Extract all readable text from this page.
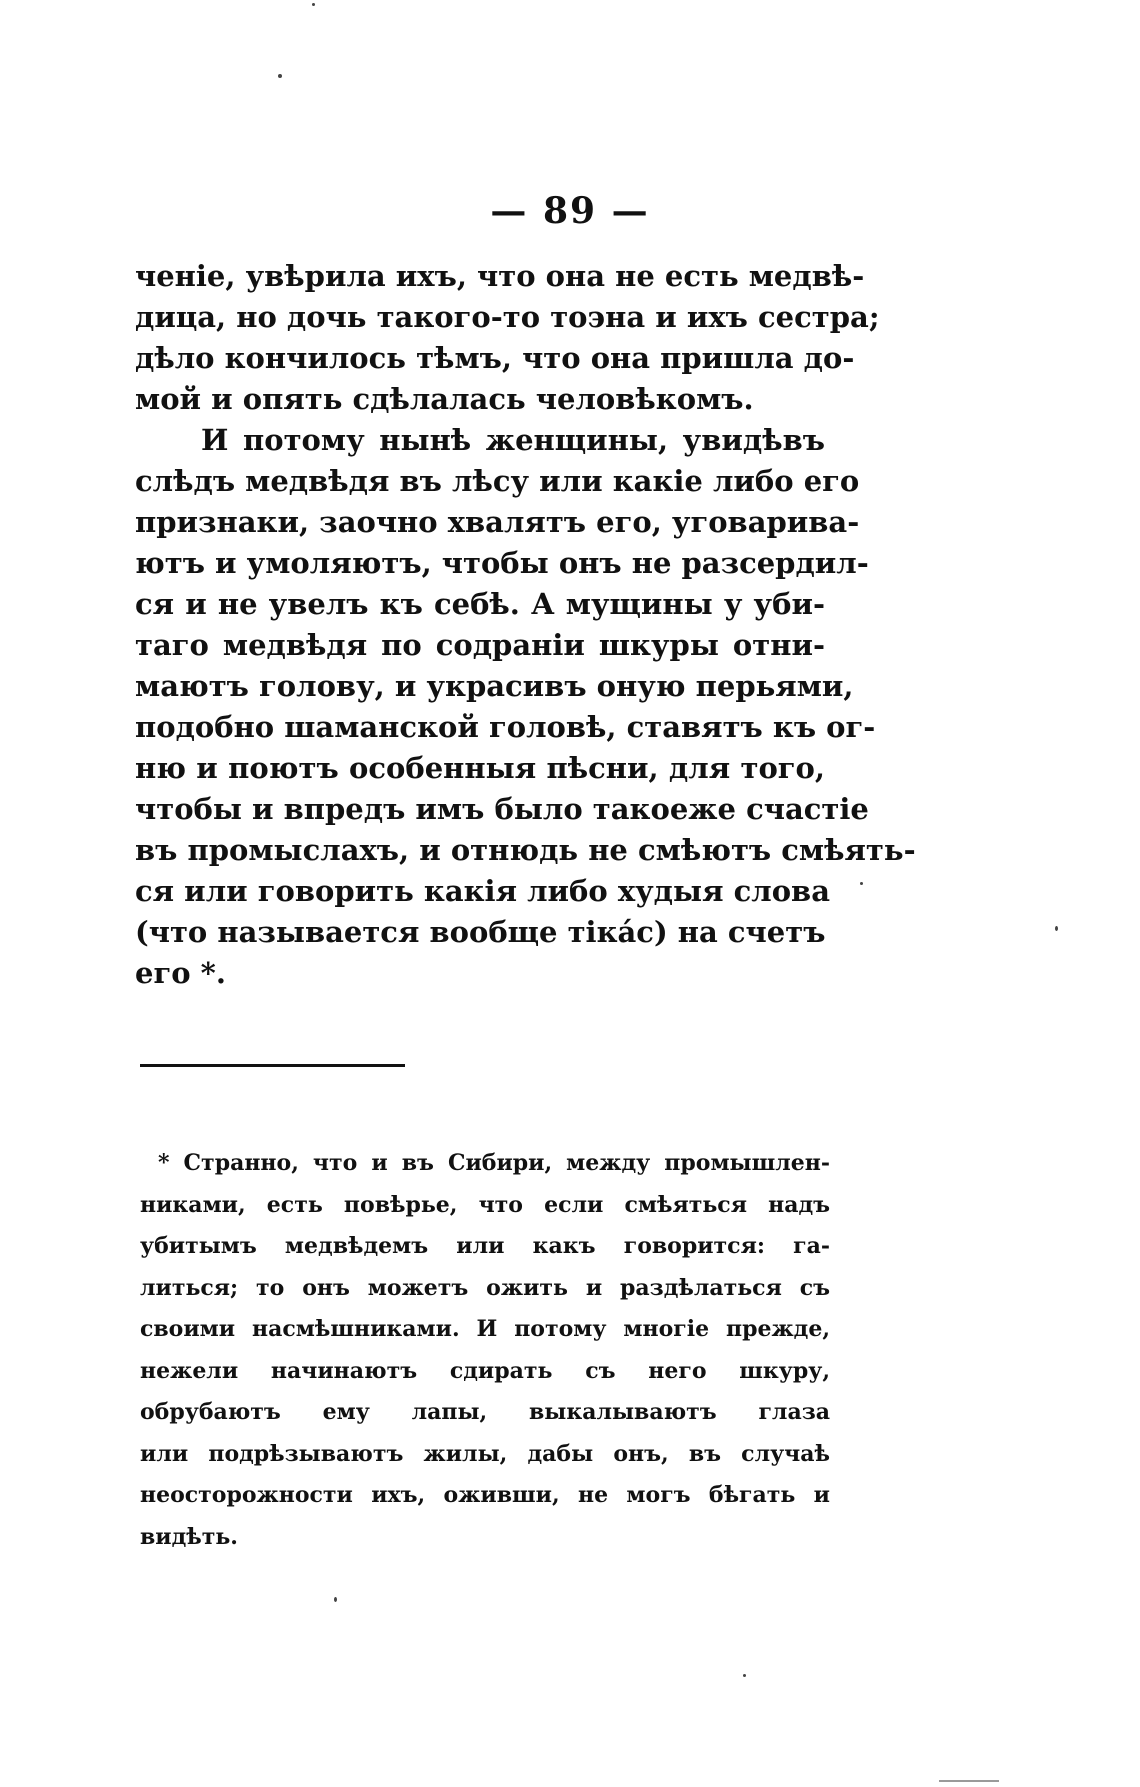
— 89 —
ченіе, увѣрила ихъ, что она не есть медвѣ-
дица, но дочь такого-то тоэна и ихъ сестра;
дѣло кончилось тѣмъ, что она пришла до-
мой и опять сдѣлалась человѣкомъ.
И потому нынѣ женщины, увидѣвъ
слѣдъ медвѣдя въ лѣсу или какіе либо его
признаки, заочно хвалятъ его, уговарива-
ютъ и умоляютъ, чтобы онъ не разсердил-
ся и не увелъ къ себѣ. А мущины у уби-
таго медвѣдя по содраніи шкуры отни-
маютъ голову, и украсивъ оную перьями,
подобно шаманской головѣ, ставятъ къ ог-
ню и поютъ особенныя пѣсни, для того,
чтобы и впредъ имъ было такоеже счастіе
въ промыслахъ, и отнюдь не смѣютъ смѣять-
ся или говорить какія либо худыя слова
(что называется вообще тікáс) на счетъ
его *.
* Странно, что и въ Сибири, между промышлен-
никами, есть повѣрье, что если смѣяться надъ
убитымъ медвѣдемъ или какъ говорится: га-
литься; то онъ можетъ ожить и раздѣлаться съ
своими насмѣшниками. И потому многіе прежде,
нежели начинаютъ сдирать съ него шкуру,
обрубаютъ ему лапы, выкалываютъ глаза
или подрѣзываютъ жилы, дабы онъ, въ случаѣ
неосторожности ихъ, оживши, не могъ бѣгать и
видѣть.
